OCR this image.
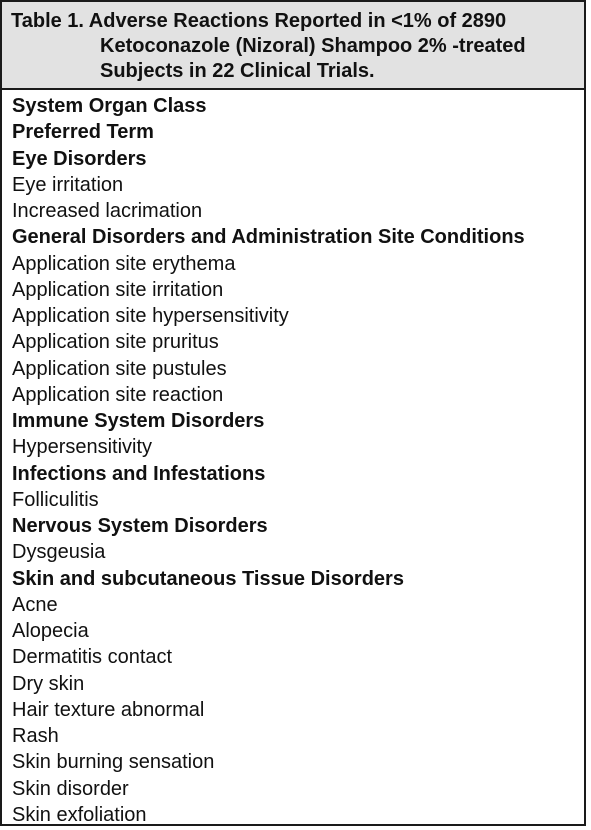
Table 1. Adverse Reactions Reported in <1% of 2890
Ketoconazole (Nizoral) Shampoo 2% -treated
Subjects in 22 Clinical Trials.
System Organ Class
Preferred Term
Eye Disorders
Eye irritation
Increased lacrimation
General Disorders and Administration Site Conditions
Application site erythema
Application site irritation
Application site hypersensitivity
Application site pruritus
Application site pustules
Application site reaction
Immune System Disorders
Hypersensitivity
Infections and Infestations
Folliculitis
Nervous System Disorders
Dysgeusia
Skin and subcutaneous Tissue Disorders
Acne
Alopecia
Dermatitis contact
Dry skin
Hair texture abnormal
Rash
Skin burning sensation
Skin disorder
Skin exfoliation
